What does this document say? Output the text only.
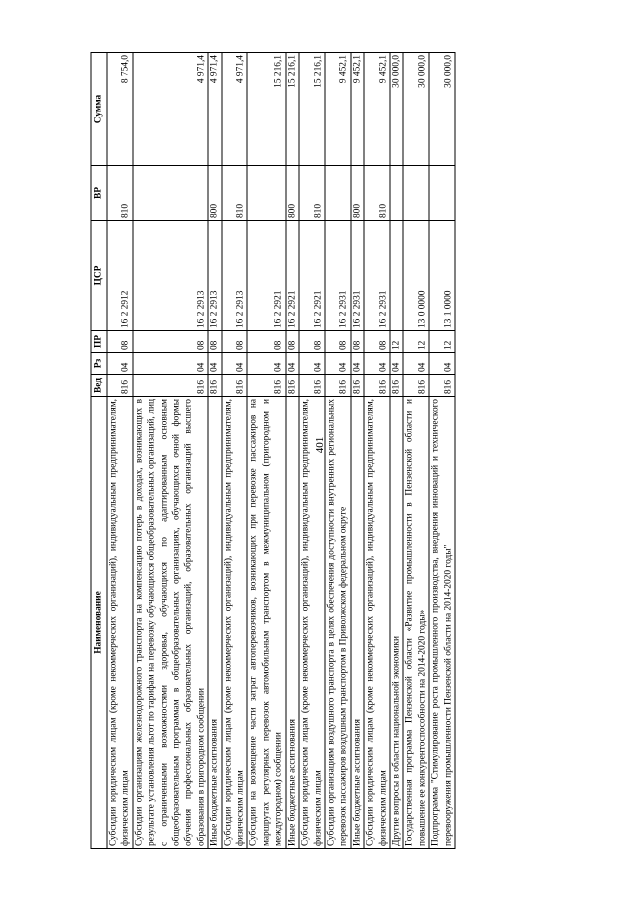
401
Наименование	Вед	Рз	ПР	ЦСР	ВР	Сумма
Субсидии юридическим лицам (кроме некоммерческих организаций), индивидуальным предпринимателям, физическим лицам	816	04	08	16 2 2912	810	8 754,0
Субсидии организациям железнодорожного транспорта на компенсацию потерь в доходах, возникающих в результате установления льгот по тарифам на перевозку обучающихся общеобразовательных организаций, лиц с ограниченными возможностями здоровья, обучающихся по адаптированным основным общеобразовательным программам в общеобразовательных организациях, обучающихся очной формы обучения профессиональных образовательных организаций, образовательных организаций высшего образования в пригородном сообщении	816	04	08	16 2 2913		4 971,4
Иные бюджетные ассигнования	816	04	08	16 2 2913	800	4 971,4
Субсидии юридическим лицам (кроме некоммерческих организаций), индивидуальным предпринимателям, физическим лицам	816	04	08	16 2 2913	810	4 971,4
Субсидии на возмещение части затрат автоперевозчиков, возникающих при перевозке пассажиров на маршрутах регулярных перевозок автомобильным транспортом в межмуниципальном (пригородном и междугородном) сообщении	816	04	08	16 2 2921		15 216,1
Иные бюджетные ассигнования	816	04	08	16 2 2921	800	15 216,1
Субсидии юридическим лицам (кроме некоммерческих организаций), индивидуальным предпринимателям, физическим лицам	816	04	08	16 2 2921	810	15 216,1
Субсидии организациям воздушного транспорта в целях обеспечения доступности внутренних региональных перевозок пассажиров воздушным транспортом в Приволжском федеральном округе	816	04	08	16 2 2931		9 452,1
Иные бюджетные ассигнования	816	04	08	16 2 2931	800	9 452,1
Субсидии юридическим лицам (кроме некоммерческих организаций), индивидуальным предпринимателям, физическим лицам	816	04	08	16 2 2931	810	9 452,1
Другие вопросы в области национальной экономики	816	04	12			30 000,0
Государственная программа Пензенской области «Развитие промышленности в Пензенской области и повышение ее конкурентоспособности на 2014-2020 годы»	816	04	12	13 0 0000		30 000,0
Подпрограмма "Стимулирование роста промышленного производства, внедрения инноваций и технического перевооружения промышленности Пензенской области на 2014-2020 годы"	816	04	12	13 1 0000		30 000,0
